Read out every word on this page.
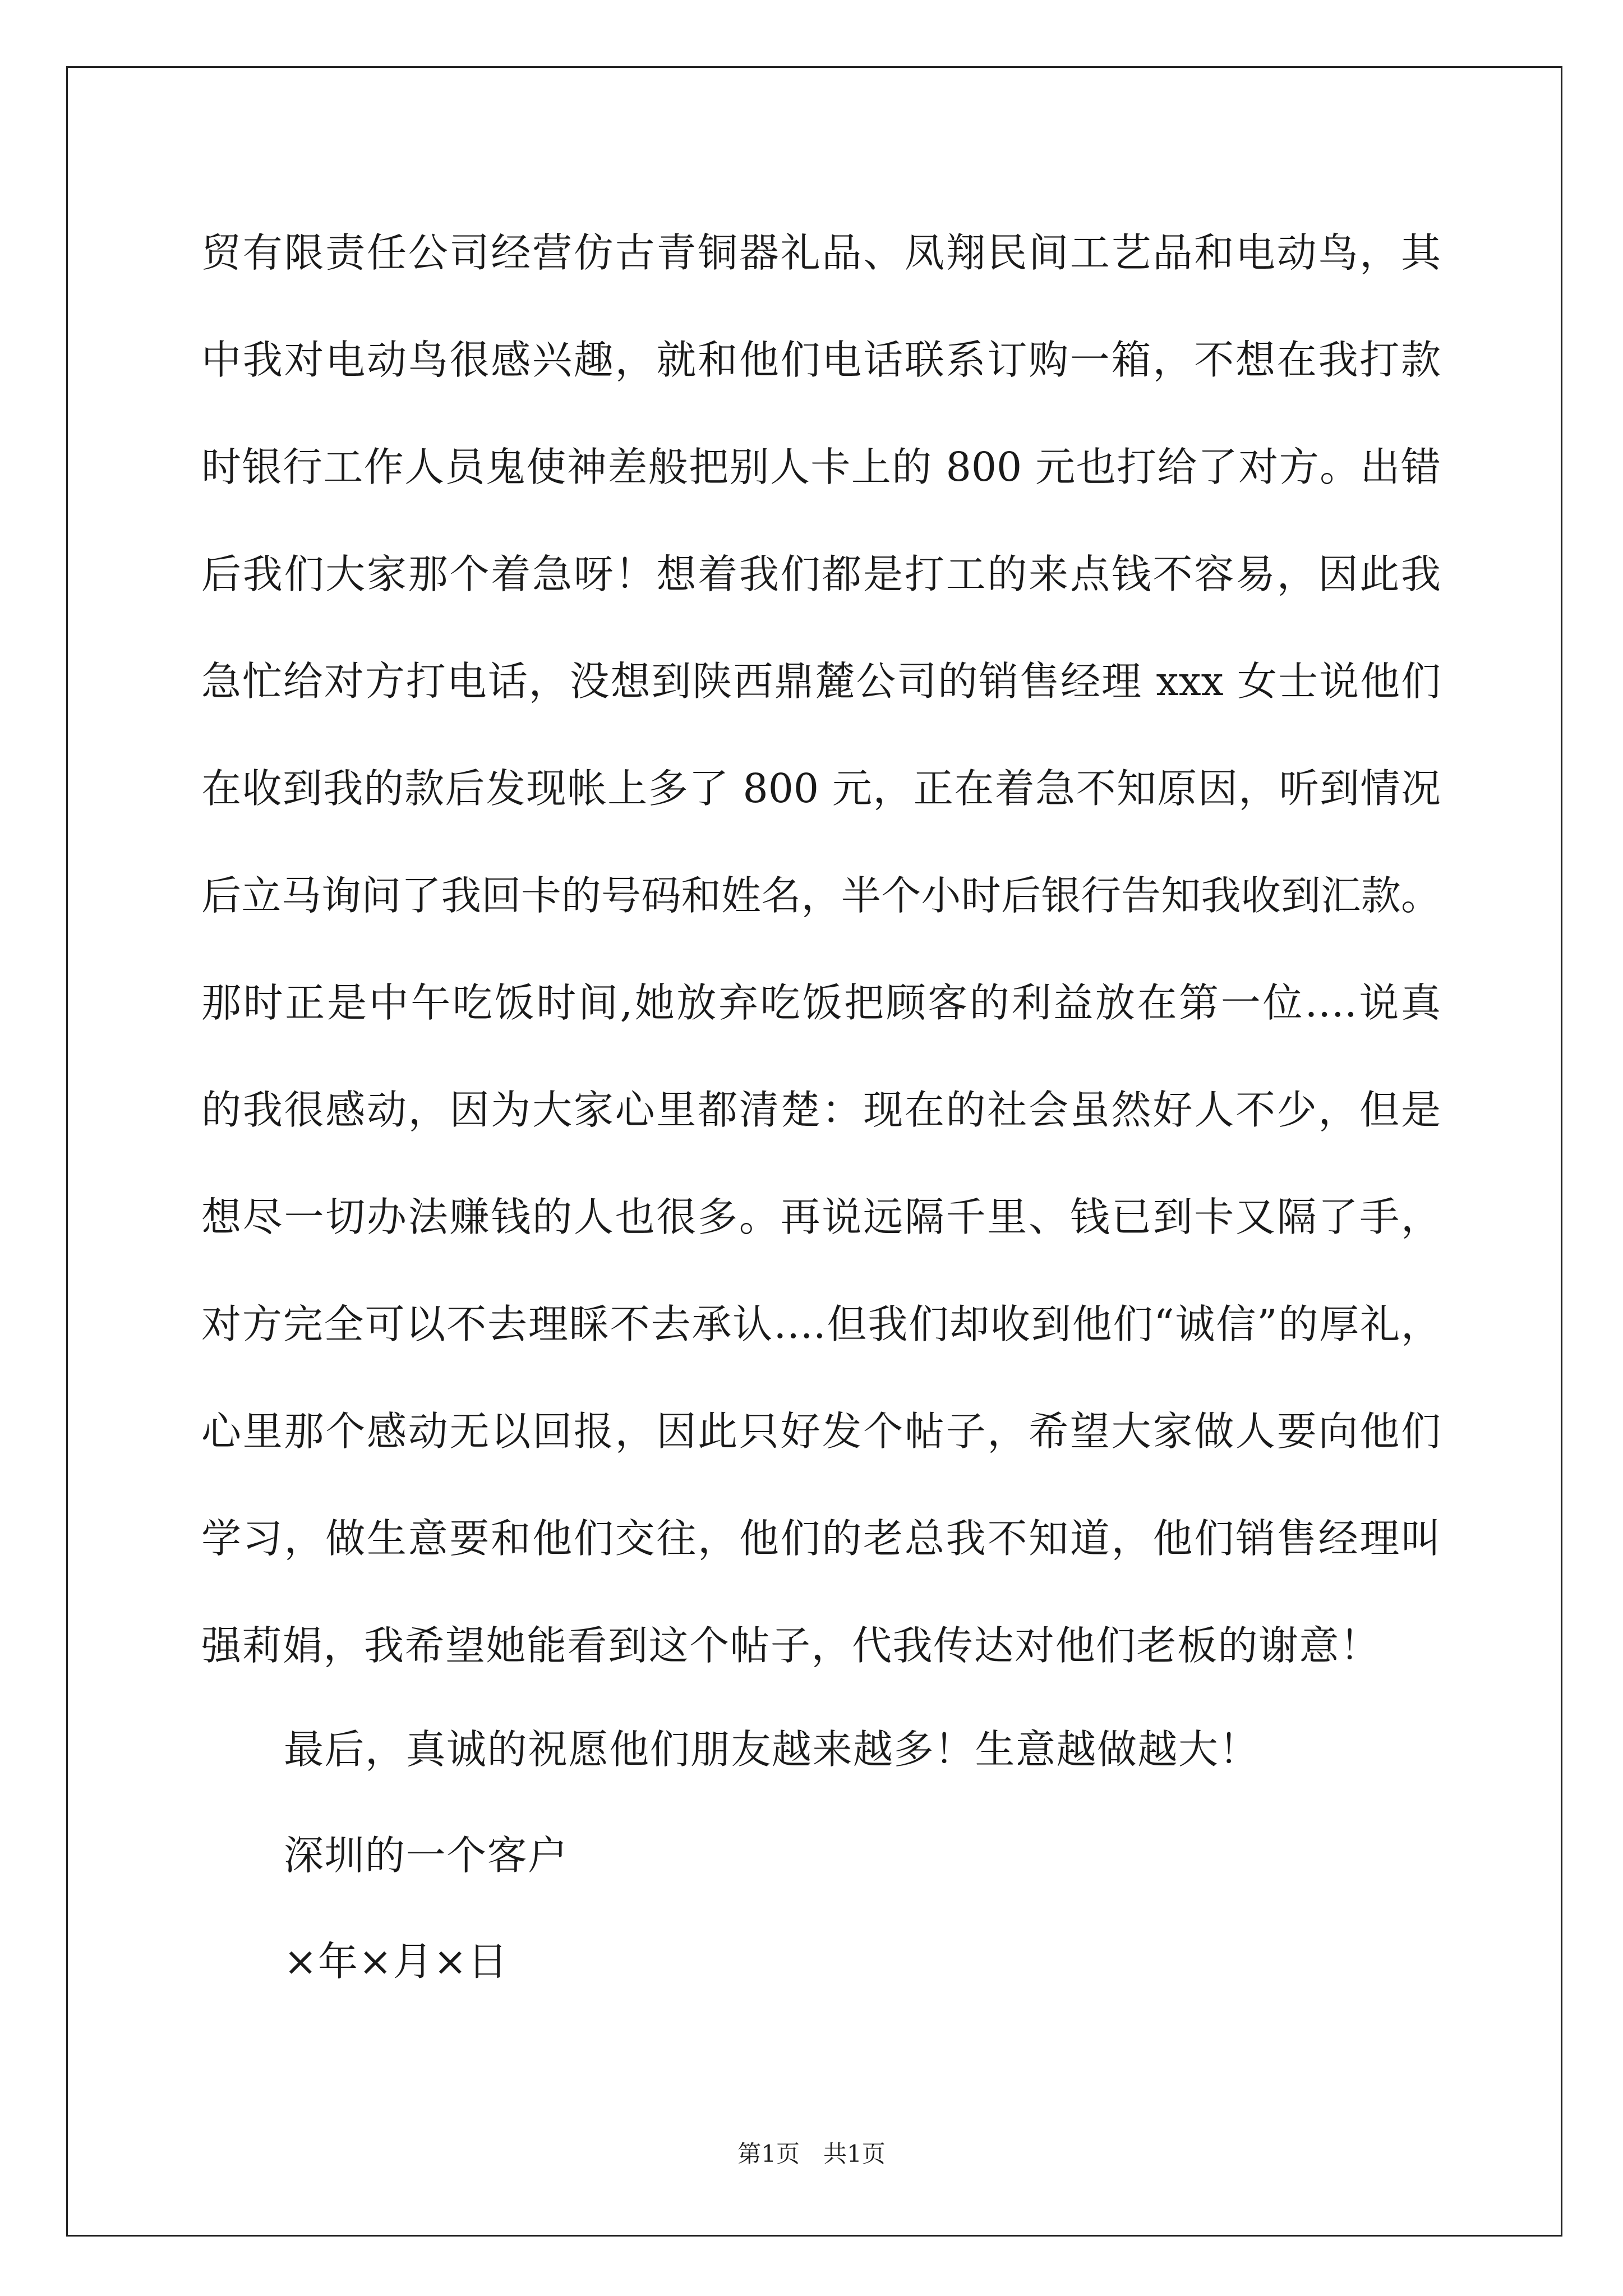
贸有限责任公司经营仿古青铜器礼品、凤翔民间工艺品和电动鸟，其
中我对电动鸟很感兴趣，就和他们电话联系订购一箱，不想在我打款
时银行工作人员鬼使神差般把别人卡上的 800 元也打给了对方。出错
后我们大家那个着急呀！想着我们都是打工的来点钱不容易，因此我
急忙给对方打电话，没想到陕西鼎麓公司的销售经理 xxx 女士说他们
在收到我的款后发现帐上多了 800 元，正在着急不知原因，听到情况
后立马询问了我回卡的号码和姓名，半个小时后银行告知我收到汇款。
那时正是中午吃饭时间,她放弃吃饭把顾客的利益放在第一位….说真
的我很感动，因为大家心里都清楚：现在的社会虽然好人不少，但是
想尽一切办法赚钱的人也很多。再说远隔千里、钱已到卡又隔了手，
对方完全可以不去理睬不去承认….但我们却收到他们“诚信”的厚礼，
心里那个感动无以回报，因此只好发个帖子，希望大家做人要向他们
学习，做生意要和他们交往，他们的老总我不知道，他们销售经理叫
强莉娟，我希望她能看到这个帖子，代我传达对他们老板的谢意！
最后，真诚的祝愿他们朋友越来越多！生意越做越大！
深圳的一个客户
×年×月×日
第1页　共1页
